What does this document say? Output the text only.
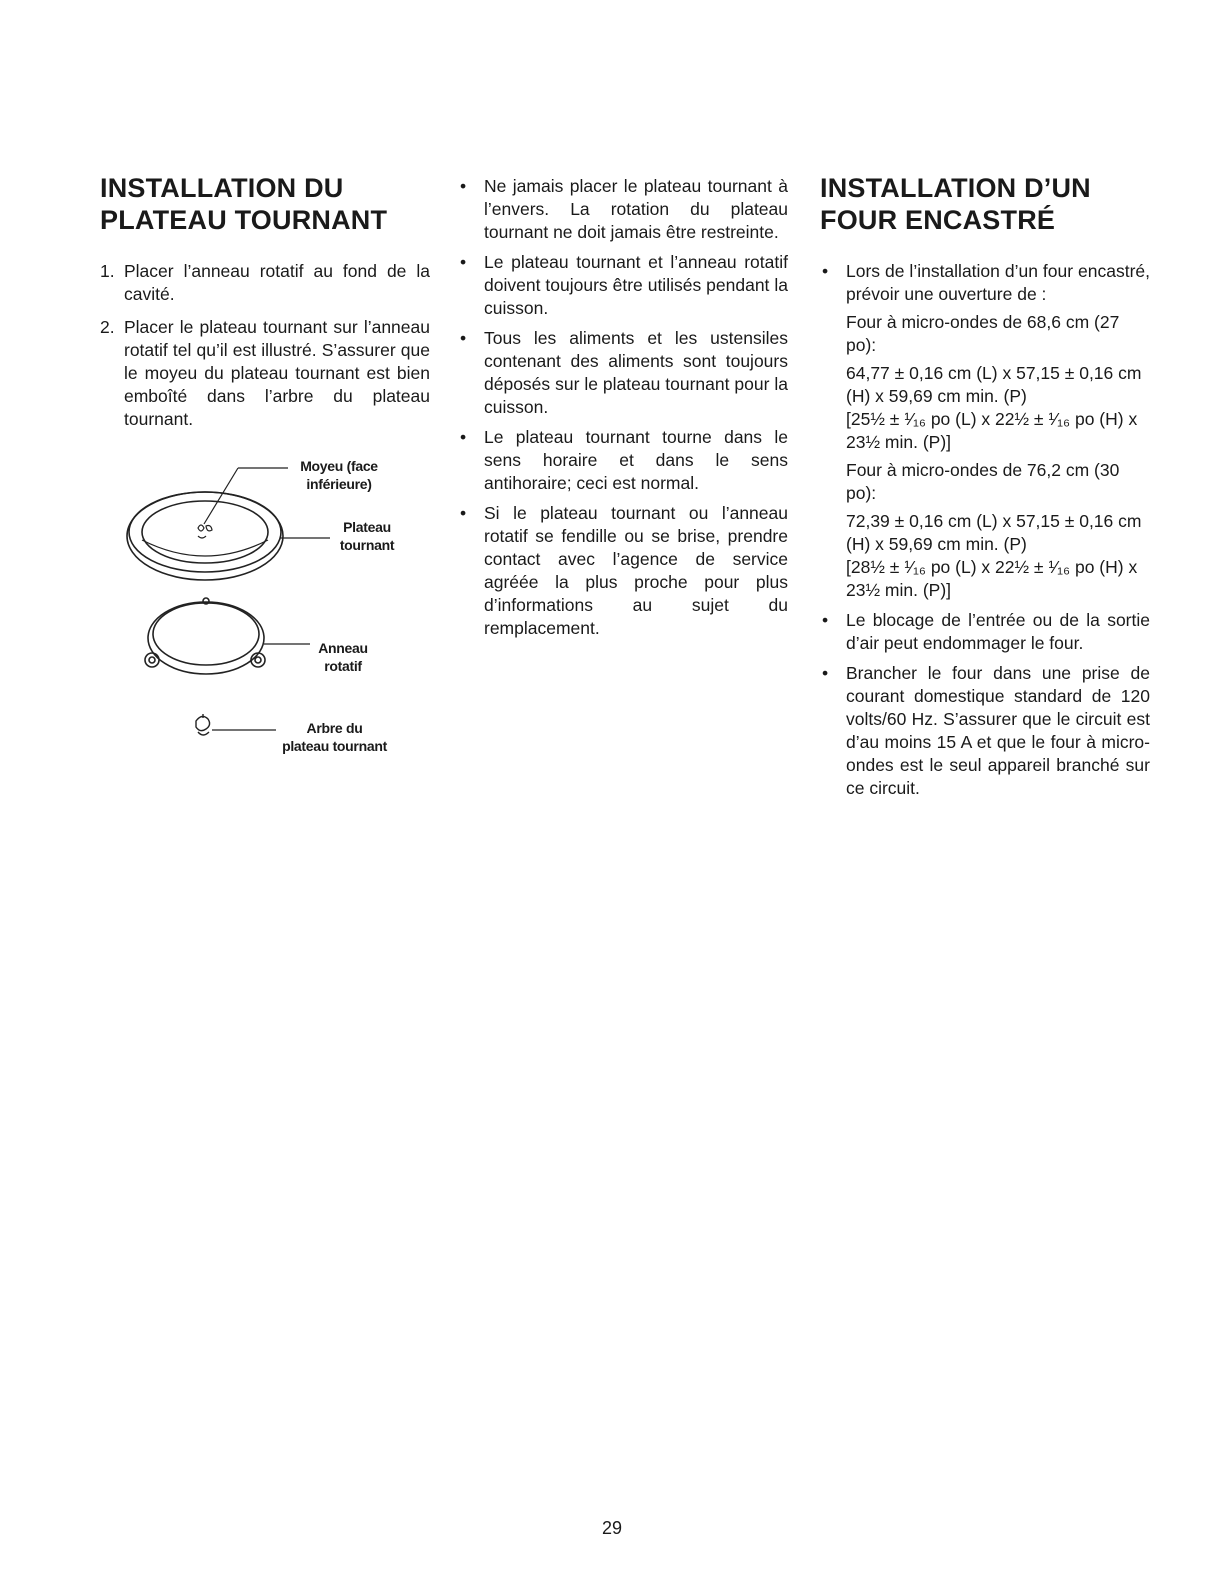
INSTALLATION DU
PLATEAU TOURNANT
1. Placer l’anneau rotatif au fond de la cavité.
2. Placer le plateau tournant sur l’anneau rotatif tel qu’il est illustré. S’assurer que le moyeu du plateau tournant est bien emboîté dans l’arbre du plateau tournant.
Moyeu (face
inférieure)
Plateau
tournant
Anneau
rotatif
Arbre du
plateau tournant
• Ne jamais placer le plateau tournant à l’envers. La rotation du plateau tournant ne doit jamais être restreinte.
• Le plateau tournant et l’anneau rotatif doivent toujours être utilisés pendant la cuisson.
• Tous les aliments et les ustensiles contenant des aliments sont toujours déposés sur le plateau tournant pour la cuisson.
• Le plateau tournant tourne dans le sens horaire et dans le sens antihoraire; ceci est normal.
• Si le plateau tournant ou l’anneau rotatif se fendille ou se brise, prendre contact avec l’agence de service agréée la plus proche pour plus d’informations au sujet du remplacement.
INSTALLATION D’UN
FOUR ENCASTRÉ
• Lors de l’installation d’un four encastré, prévoir une ouverture de :

Four à micro-ondes de 68,6 cm (27 po):

64,77 ± 0,16 cm (L) x 57,15 ± 0,16 cm (H) x 59,69 cm min. (P)

[25½ ± ¹⁄₁₆ po (L) x 22½ ± ¹⁄₁₆ po (H) x 23½ min. (P)]

Four à micro-ondes de 76,2 cm (30 po):

72,39 ± 0,16 cm (L) x 57,15 ± 0,16 cm (H) x 59,69 cm min. (P)

[28½ ± ¹⁄₁₆ po (L) x 22½ ± ¹⁄₁₆ po (H) x 23½ min. (P)]

• Le blocage de l’entrée ou de la sortie d’air peut endommager le four.
• Brancher le four dans une prise de courant domestique standard de 120 volts/60 Hz. S’assurer que le circuit est d’au moins 15 A et que le four à micro-ondes est le seul appareil branché sur ce circuit.
29
